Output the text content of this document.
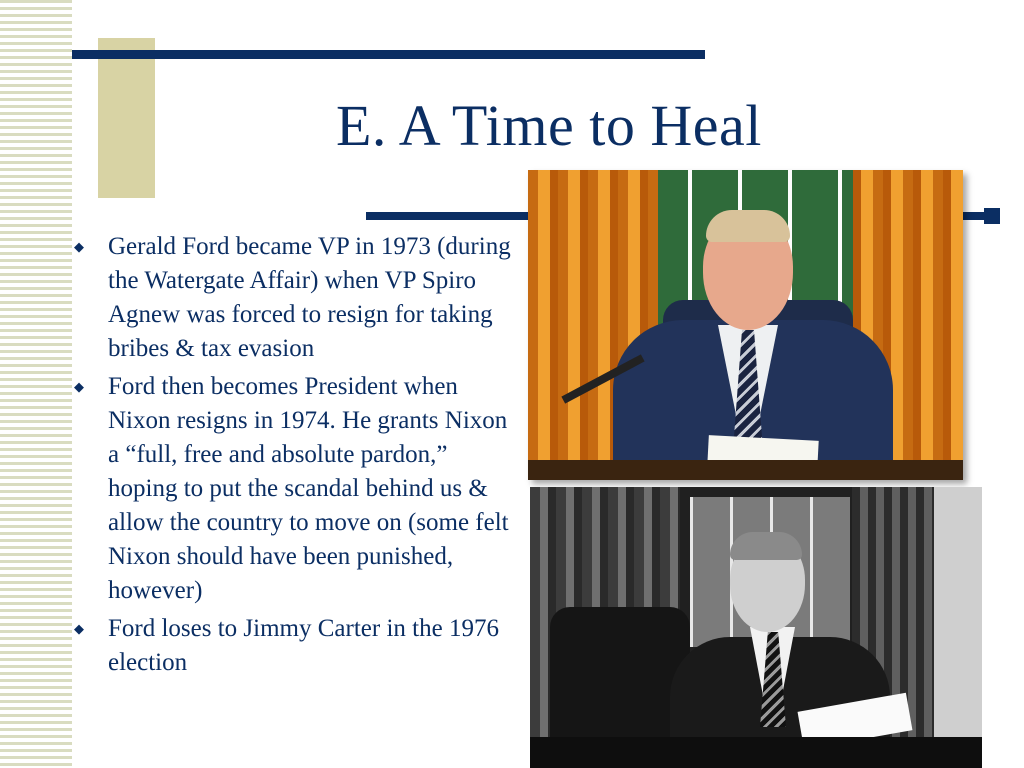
E. A Time to Heal
◆ Gerald Ford became VP in 1973 (during the Watergate Affair) when VP Spiro Agnew was forced to resign for taking bribes & tax evasion
◆ Ford then becomes President when Nixon resigns in 1974. He grants Nixon a “full, free and absolute pardon,” hoping to put the scandal behind us & allow the country to move on (some felt Nixon should have been punished, however)
◆ Ford loses to Jimmy Carter in the 1976 election
